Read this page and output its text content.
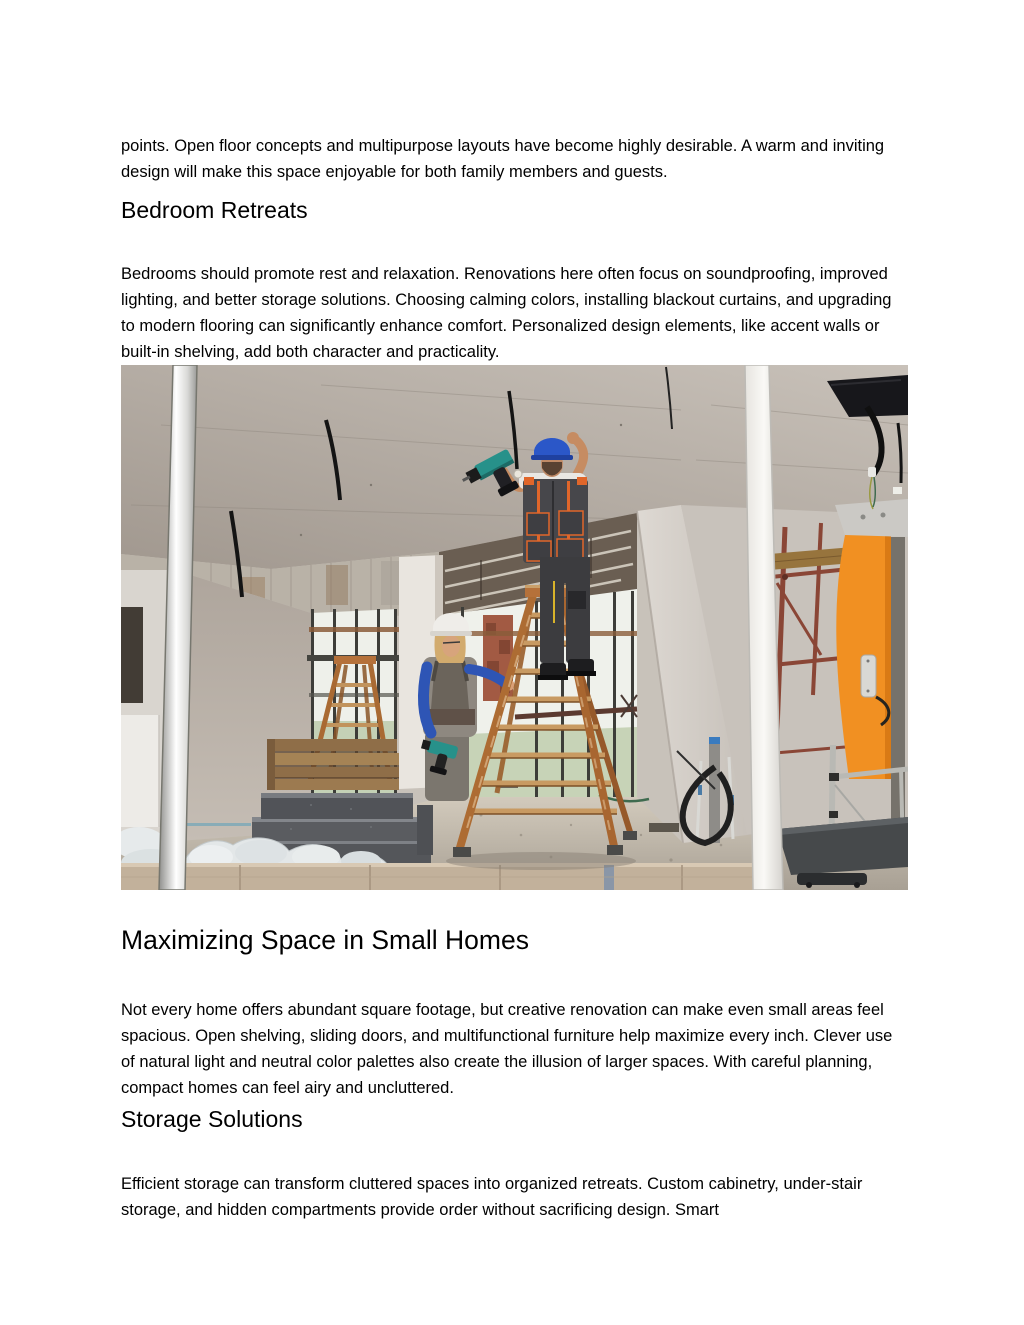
points. Open floor concepts and multipurpose layouts have become highly desirable. A warm and inviting design will make this space enjoyable for both family members and guests.

Bedroom Retreats

Bedrooms should promote rest and relaxation. Renovations here often focus on soundproofing, improved lighting, and better storage solutions. Choosing calming colors, installing blackout curtains, and upgrading to modern flooring can significantly enhance comfort. Personalized design elements, like accent walls or built-in shelving, add both character and practicality.

Maximizing Space in Small Homes

Not every home offers abundant square footage, but creative renovation can make even small areas feel spacious. Open shelving, sliding doors, and multifunctional furniture help maximize every inch. Clever use of natural light and neutral color palettes also create the illusion of larger spaces. With careful planning, compact homes can feel airy and uncluttered.

Storage Solutions

Efficient storage can transform cluttered spaces into organized retreats. Custom cabinetry, under-stair storage, and hidden compartments provide order without sacrificing design. Smart
